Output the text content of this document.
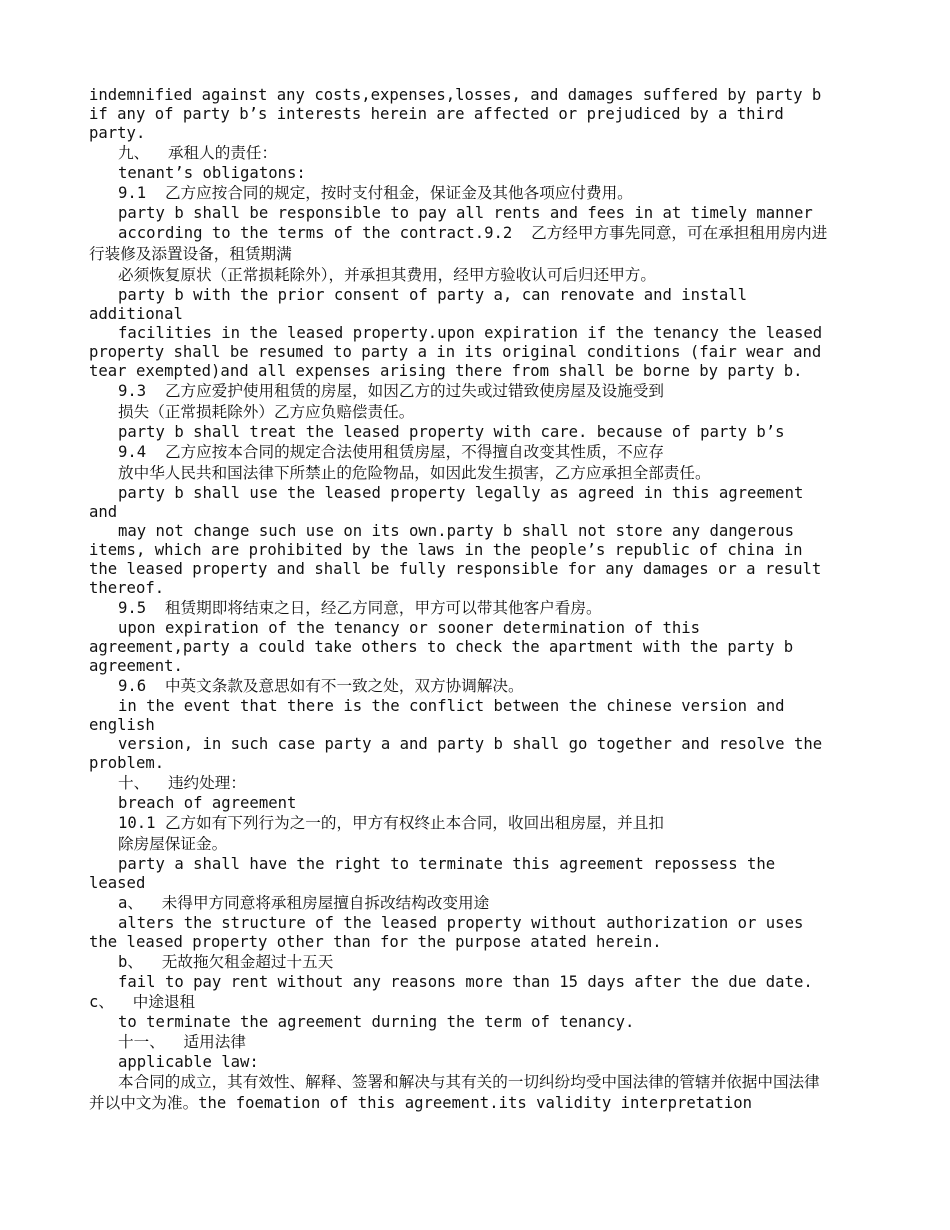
indemnified against any costs,expenses,losses, and damages suffered by party b
if any of party b’s interests herein are affected or prejudiced by a third
party.
九、  承租人的责任：
tenant’s obligatons:
9.1  乙方应按合同的规定，按时支付租金，保证金及其他各项应付费用。
party b shall be responsible to pay all rents and fees in at timely manner
according to the terms of the contract.9.2  乙方经甲方事先同意，可在承担租用房内进
行装修及添置设备，租赁期满
必须恢复原状（正常损耗除外），并承担其费用，经甲方验收认可后归还甲方。
party b with the prior consent of party a, can renovate and install
additional
facilities in the leased property.upon expiration if the tenancy the leased
property shall be resumed to party a in its original conditions (fair wear and
tear exempted)and all expenses arising there from shall be borne by party b.
9.3  乙方应爱护使用租赁的房屋，如因乙方的过失或过错致使房屋及设施受到
损失（正常损耗除外）乙方应负赔偿责任。
party b shall treat the leased property with care. because of party b’s
9.4  乙方应按本合同的规定合法使用租赁房屋，不得擅自改变其性质，不应存
放中华人民共和国法律下所禁止的危险物品，如因此发生损害，乙方应承担全部责任。
party b shall use the leased property legally as agreed in this agreement
and
may not change such use on its own.party b shall not store any dangerous
items, which are prohibited by the laws in the people’s republic of china in
the leased property and shall be fully responsible for any damages or a result
thereof.
9.5  租赁期即将结束之日，经乙方同意，甲方可以带其他客户看房。
upon expiration of the tenancy or sooner determination of this
agreement,party a could take others to check the apartment with the party b
agreement.
9.6  中英文条款及意思如有不一致之处，双方协调解决。
in the event that there is the conflict between the chinese version and
english
version, in such case party a and party b shall go together and resolve the
problem.
十、  违约处理：
breach of agreement
10.1 乙方如有下列行为之一的，甲方有权终止本合同，收回出租房屋，并且扣
除房屋保证金。
party a shall have the right to terminate this agreement repossess the
leased
a、  未得甲方同意将承租房屋擅自拆改结构改变用途
alters the structure of the leased property without authorization or uses
the leased property other than for the purpose atated herein.
b、  无故拖欠租金超过十五天
fail to pay rent without any reasons more than 15 days after the due date.
c、  中途退租
to terminate the agreement durning the term of tenancy.
十一、  适用法律
applicable law:
本合同的成立，其有效性、解释、签署和解决与其有关的一切纠纷均受中国法律的管辖并依据中国法律
并以中文为准。the foemation of this agreement.its validity interpretation
